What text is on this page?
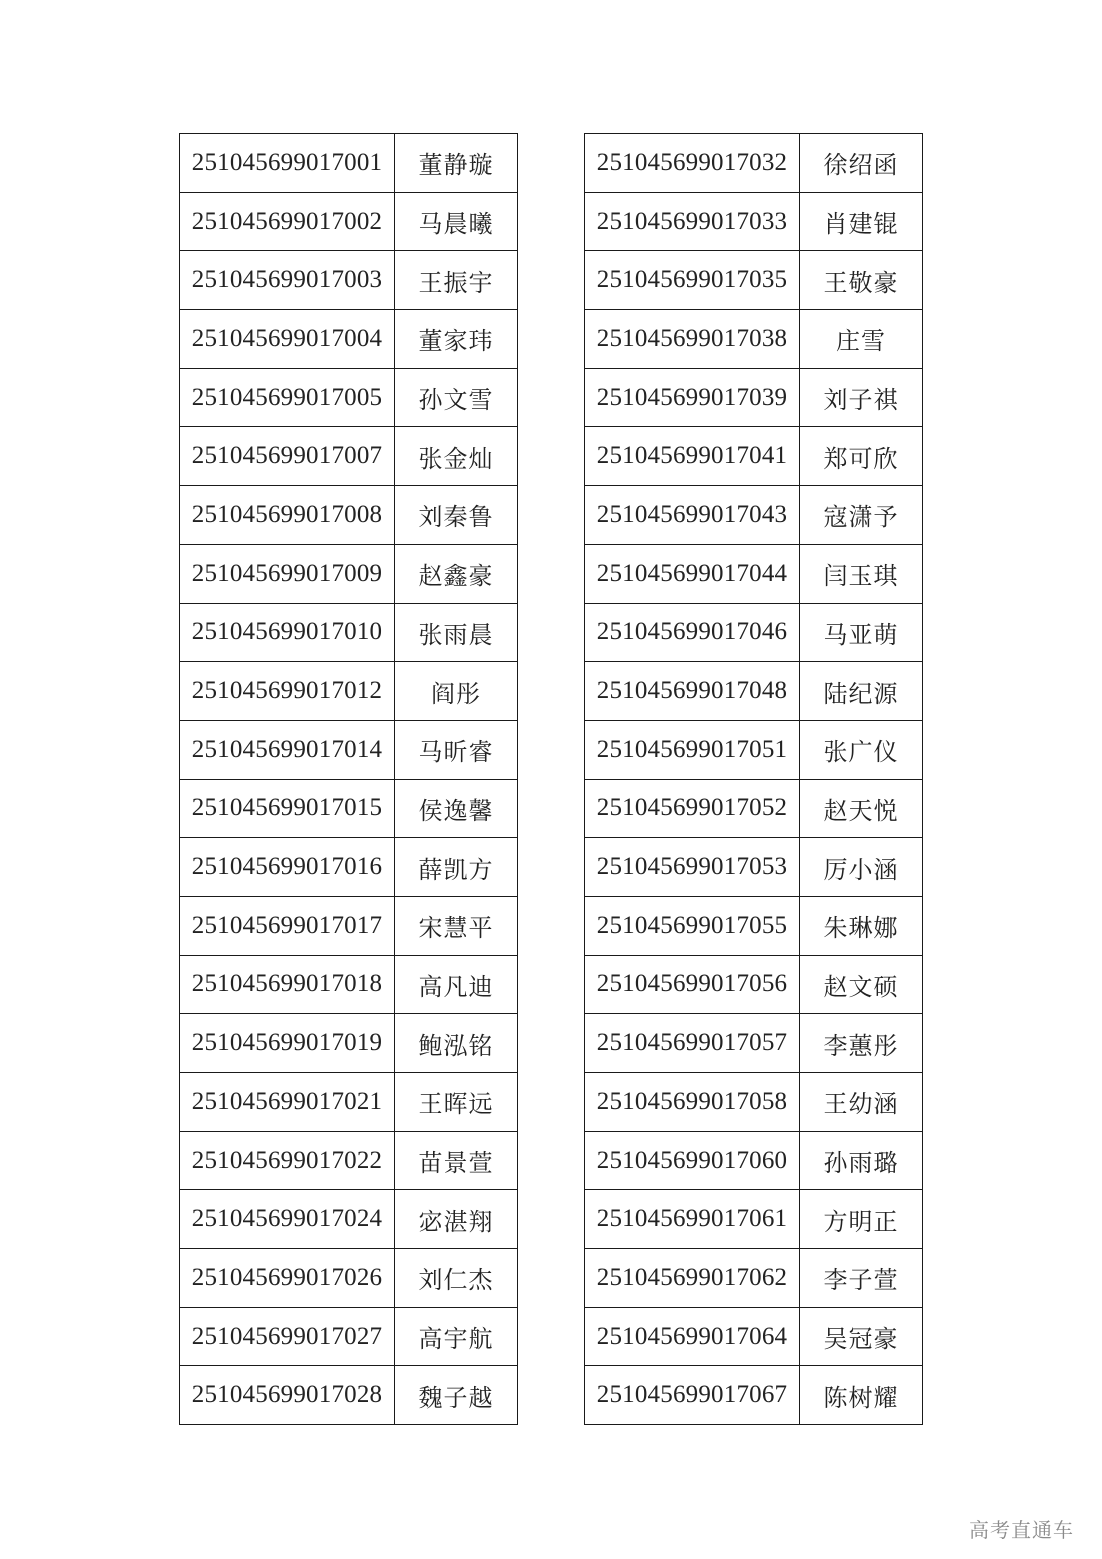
251045699017001	董静璇
251045699017002	马晨曦
251045699017003	王振宇
251045699017004	董家玮
251045699017005	孙文雪
251045699017007	张金灿
251045699017008	刘秦鲁
251045699017009	赵鑫豪
251045699017010	张雨晨
251045699017012	阎彤
251045699017014	马昕睿
251045699017015	侯逸馨
251045699017016	薛凯方
251045699017017	宋慧平
251045699017018	高凡迪
251045699017019	鲍泓铭
251045699017021	王晖远
251045699017022	苗景萱
251045699017024	宓湛翔
251045699017026	刘仁杰
251045699017027	高宇航
251045699017028	魏子越
251045699017032	徐绍函
251045699017033	肖建锟
251045699017035	王敬豪
251045699017038	庄雪
251045699017039	刘子祺
251045699017041	郑可欣
251045699017043	寇潇予
251045699017044	闫玉琪
251045699017046	马亚萌
251045699017048	陆纪源
251045699017051	张广仪
251045699017052	赵天悦
251045699017053	厉小涵
251045699017055	朱琳娜
251045699017056	赵文硕
251045699017057	李蕙彤
251045699017058	王幼涵
251045699017060	孙雨璐
251045699017061	方明正
251045699017062	李子萱
251045699017064	吴冠豪
251045699017067	陈树耀
高考直通车
